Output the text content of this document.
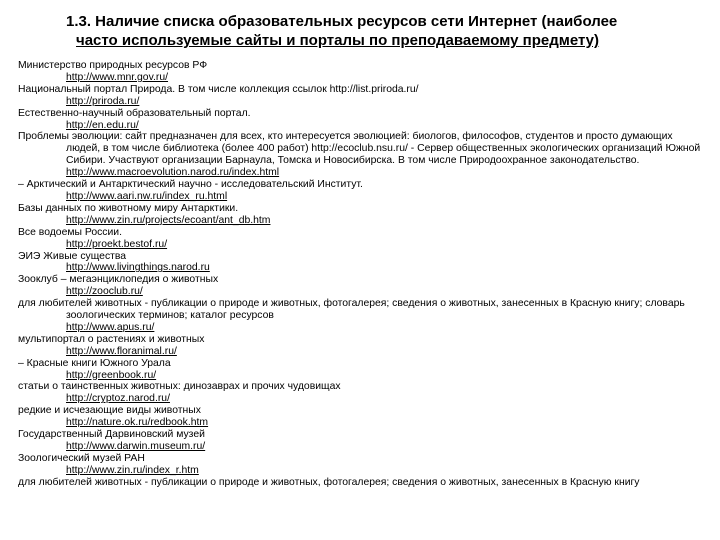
1.3. Наличие списка образовательных ресурсов сети Интернет (наиболее
часто используемые сайты и порталы по преподаваемому предмету)
Министерство природных ресурсов РФ
http://www.mnr.gov.ru/
Национальный портал Природа. В том числе коллекция ссылок http://list.priroda.ru/
http://priroda.ru/
Естественно-научный образовательный портал.
http://en.edu.ru/
Проблемы эволюции: сайт предназначен для всех, кто интересуется эволюцией: биологов, философов, студентов и просто думающих людей, в том числе библиотека (более 400 работ) http://ecoclub.nsu.ru/ - Сервер общественных экологических организаций Южной Сибири. Участвуют организации Барнаула, Томска и Новосибирска. В том числе Природоохранное законодательство.
http://www.macroevolution.narod.ru/index.html
– Арктический и Антарктический научно - исследовательский Институт.
http://www.aari.nw.ru/index_ru.html
Базы данных по животному миру Антарктики.
http://www.zin.ru/projects/ecoant/ant_db.htm
Все водоемы России.
http://proekt.bestof.ru/
ЭИЭ Живые существа
http://www.livingthings.narod.ru
Зооклуб – мегаэнциклопедия о животных
http://zooclub.ru/
для любителей животных - публикации о природе и животных, фотогалерея; сведения о животных, занесенных в Красную книгу; словарь зоологических терминов; каталог ресурсов
http://www.apus.ru/
мультипортал о растениях и животных
http://www.floranimal.ru/
– Красные книги Южного Урала
http://greenbook.ru/
статьи о таинственных животных: динозаврах и прочих чудовищах
http://cryptoz.narod.ru/
редкие и исчезающие виды животных
http://nature.ok.ru/redbook.htm
Государственный Дарвиновский музей
http://www.darwin.museum.ru/
Зоологический музей РАН
http://www.zin.ru/index_r.htm
для любителей животных - публикации о природе и животных, фотогалерея; сведения о животных, занесенных в Красную книгу
